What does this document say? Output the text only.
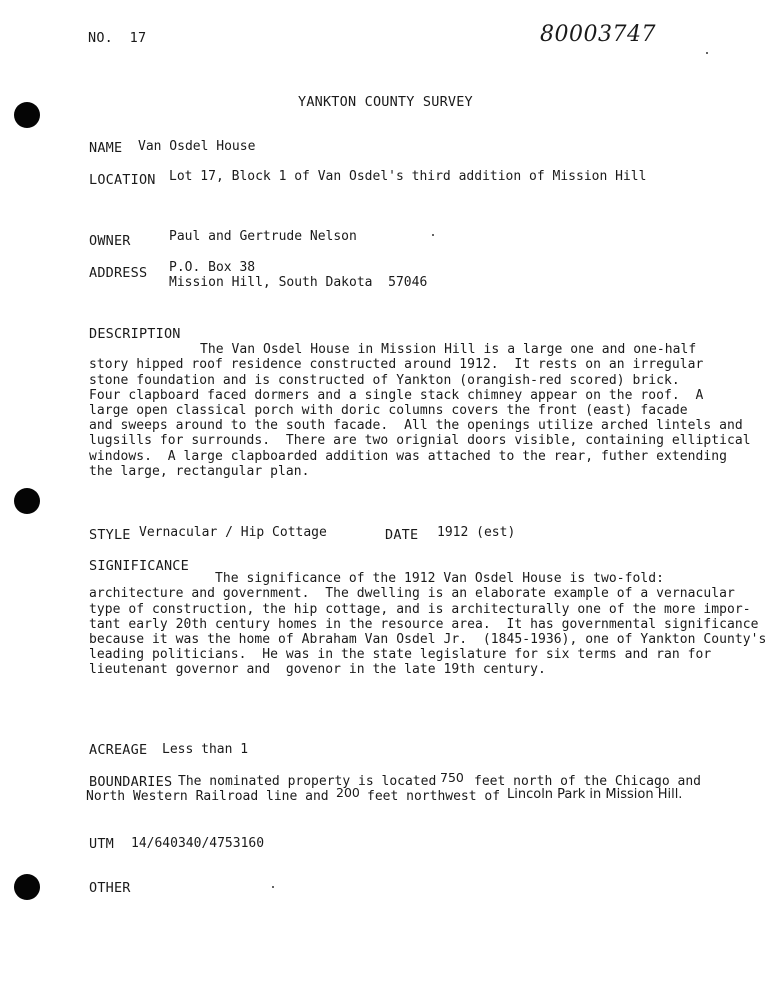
NO.  17	80003747
YANKTON COUNTY SURVEY
NAME Van Osdel House
LOCATION Lot 17, Block 1 of Van Osdel's third addition of Mission Hill
OWNER	Paul and Gertrude Nelson
ADDRESS P.O. Box 38
Mission Hill, South Dakota  57046
DESCRIPTION

The Van Osdel House in Mission Hill is a large one and one-half
story hipped roof residence constructed around 1912.  It rests on an irregular
stone foundation and is constructed of Yankton (orangish-red scored) brick.
Four clapboard faced dormers and a single stack chimney appear on the roof.  A
large open classical porch with doric columns covers the front (east) facade
and sweeps around to the south facade.  All the openings utilize arched lintels and
lugsills for surrounds.  There are two orignial doors visible, containing elliptical
windows.  A large clapboarded addition was attached to the rear, futher extending
the large, rectangular plan.
STYLE Vernacular / Hip Cottage	DATE 1912 (est)
SIGNIFICANCE

The significance of the 1912 Van Osdel House is two-fold:
architecture and government.  The dwelling is an elaborate example of a vernacular
type of construction, the hip cottage, and is architecturally one of the more impor-
tant early 20th century homes in the resource area.  It has governmental significance
because it was the home of Abraham Van Osdel Jr.  (1845-1936), one of Yankton County's
leading politicians.  He was in the state legislature for six terms and ran for
lieutenant governor and  govenor in the late 19th century.
ACREAGE Less than 1
BOUNDARIES The nominated property is located 750 feet north of the Chicago and
North Western Railroad line and 200 feet northwest of Lincoln Park in Mission Hill.
UTM 14/640340/4753160
OTHER
